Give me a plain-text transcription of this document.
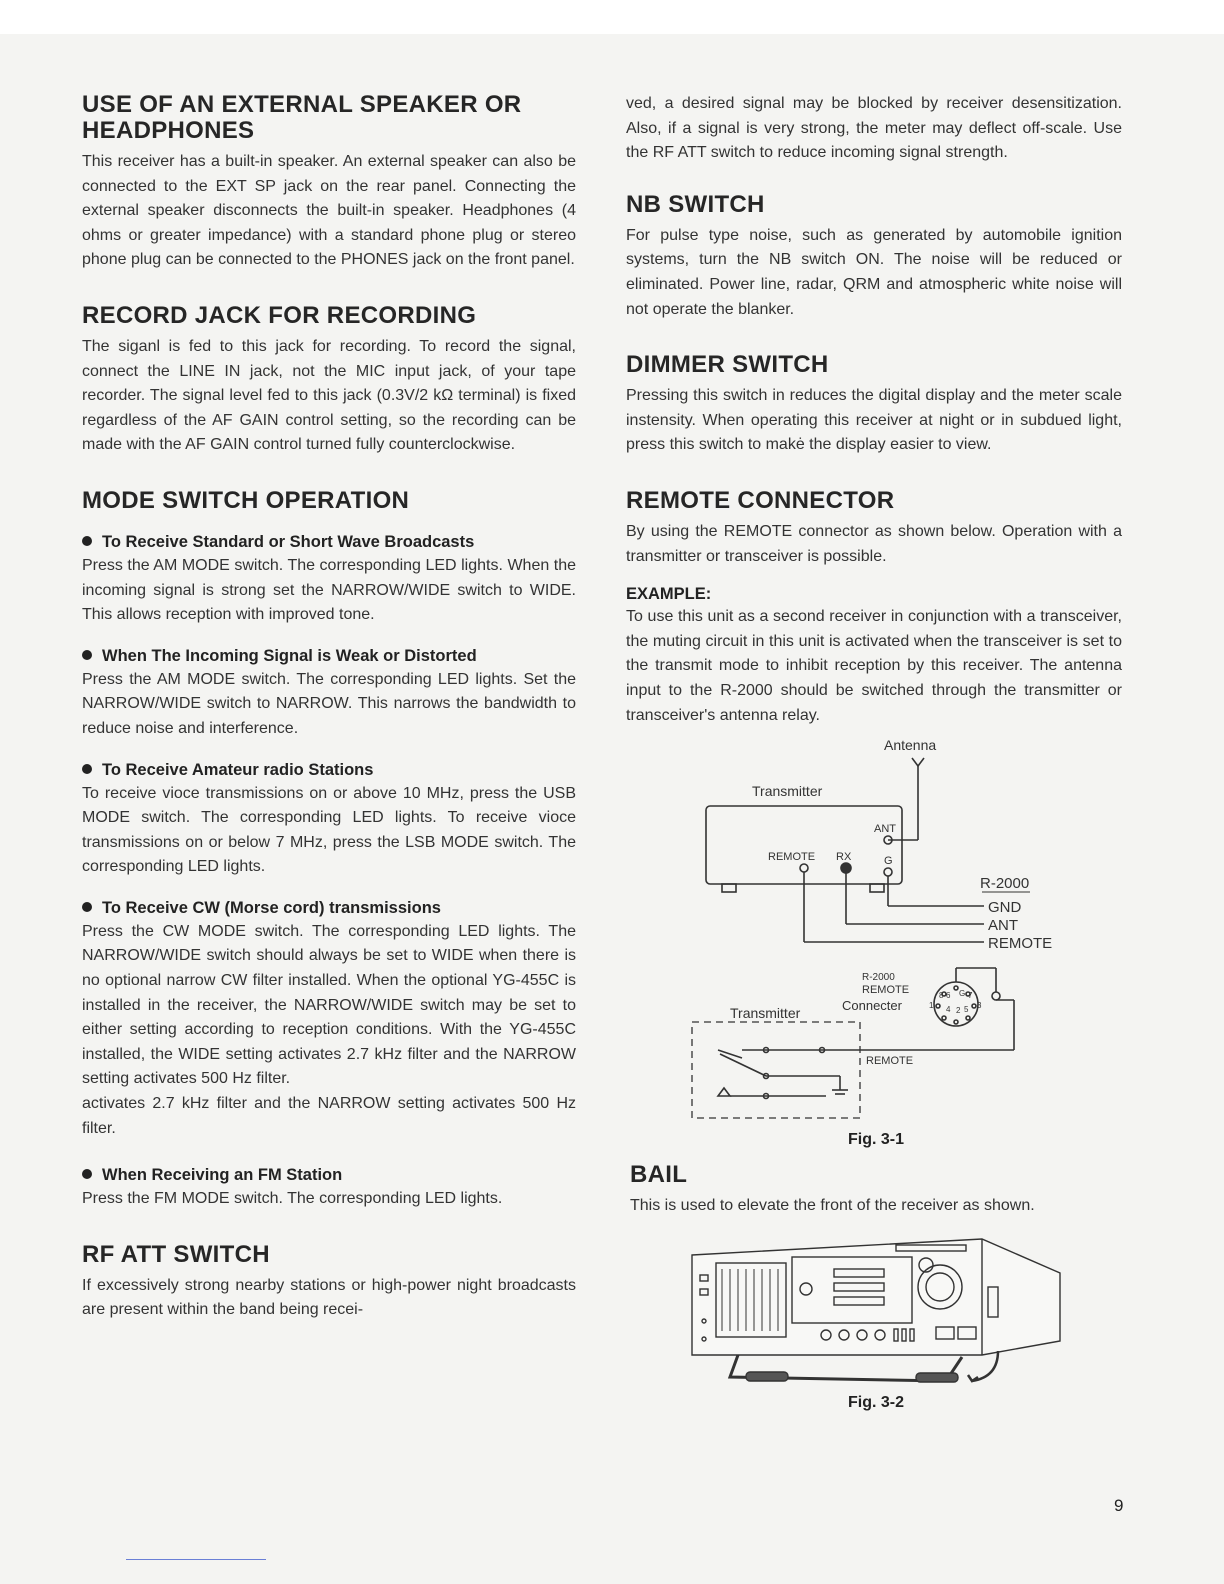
USE OF AN EXTERNAL SPEAKER OR HEADPHONES

This receiver has a built-in speaker. An external speaker can also be connected to the EXT SP jack on the rear panel. Connecting the external speaker disconnects the built-in speaker. Headphones (4 ohms or greater impedance) with a standard phone plug or stereo phone plug can be connected to the PHONES jack on the front panel.

RECORD JACK FOR RECORDING

The siganl is fed to this jack for recording. To record the signal, connect the LINE IN jack, not the MIC input jack, of your tape recorder. The signal level fed to this jack (0.3V/2 kΩ terminal) is fixed regardless of the AF GAIN control setting, so the recording can be made with the AF GAIN control turned fully counterclockwise.

MODE SWITCH OPERATION
To Receive Standard or Short Wave Broadcasts

Press the AM MODE switch. The corresponding LED lights. When the incoming signal is strong set the NARROW/WIDE switch to WIDE. This allows reception with improved tone.

When The Incoming Signal is Weak or Distorted

Press the AM MODE switch. The corresponding LED lights. Set the NARROW/WIDE switch to NARROW. This narrows the bandwidth to reduce noise and interference.

To Receive Amateur radio Stations

To receive vioce transmissions on or above 10 MHz, press the USB MODE switch. The corresponding LED lights. To receive vioce transmissions on or below 7 MHz, press the LSB MODE switch. The corresponding LED lights.

To Receive CW (Morse cord) transmissions

Press the CW MODE switch. The corresponding LED lights. The NARROW/WIDE switch should always be set to WIDE when there is no optional narrow CW filter installed. When the optional YG-455C is installed in the receiver, the NARROW/WIDE switch may be set to either setting according to reception conditions. With the YG-455C installed, the WIDE setting activates 2.7 kHz filter and the NARROW setting activates 500 Hz filter.

activates 2.7 kHz filter and the NARROW setting activates 500 Hz filter.

When Receiving an FM Station

Press the FM MODE switch. The corresponding LED lights.

RF ATT SWITCH

If excessively strong nearby stations or high-power night broadcasts are present within the band being recei-

ved, a desired signal may be blocked by receiver desensitization. Also, if a signal is very strong, the meter may deflect off-scale. Use the RF ATT switch to reduce incoming signal strength.

NB SWITCH

For pulse type noise, such as generated by automobile ignition systems, turn the NB switch ON. The noise will be reduced or eliminated. Power line, radar, QRM and atmospheric white noise will not operate the blanker.

DIMMER SWITCH

Pressing this switch in reduces the digital display and the meter scale instensity. When operating this receiver at night or in subdued light, press this switch to makė the display easier to view.

REMOTE CONNECTOR

By using the REMOTE connector as shown below. Operation with a transmitter or transceiver is possible.

EXAMPLE:

To use this unit as a second receiver in conjunction with a transceiver, the muting circuit in this unit is activated when the transceiver is set to the transmit mode to inhibit reception by this receiver. The antenna input to the R-2000 should be switched through the transmitter or transceiver's antenna relay.

Antenna
Transmitter
ANT
REMOTE RX	G
R-2000
GND
ANT
REMOTE
R-2000
REMOTE
Connecter
Transmitter
REMOTE
1
2
3
4 5
6 7
8 G
Fig. 3-1
BAIL

This is used to elevate the front of the receiver as shown.

Fig. 3-2
9
